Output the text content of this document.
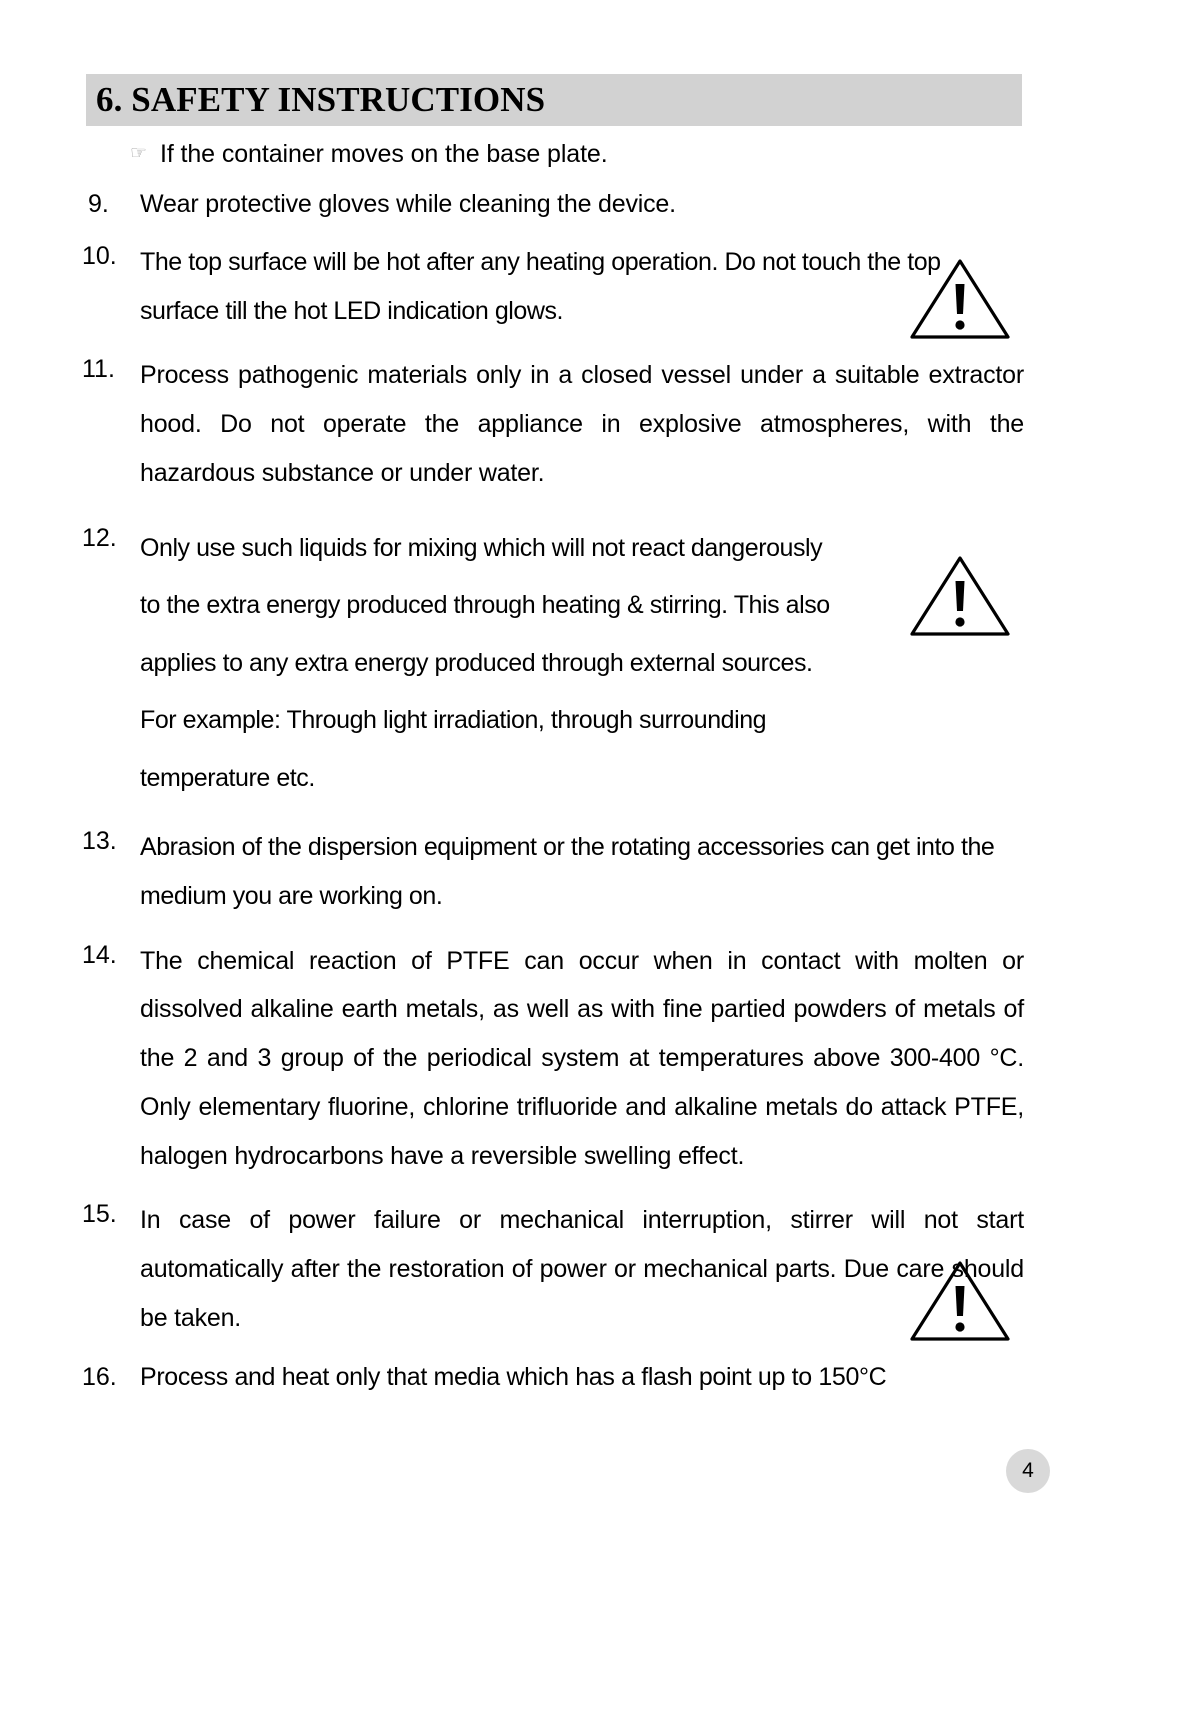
6. SAFETY INSTRUCTIONS
☞ If the container moves on the base plate.
9.	Wear protective gloves while cleaning the device.
10. The top surface will be hot after any heating operation. Do not touch the top surface till the hot LED indication glows.
11.	Process pathogenic materials only in a closed vessel under a suitable extractor hood. Do not operate the appliance in explosive atmospheres, with the hazardous substance or under water.
12. Only use such liquids for mixing which will not react dangerously to the extra energy produced through heating & stirring. This also applies to any extra energy produced through external sources. For example: Through light irradiation, through surrounding temperature etc.
13. Abrasion of the dispersion equipment or the rotating accessories can get into the medium you are working on.
14. The chemical reaction of PTFE can occur when in contact with molten or dissolved alkaline earth metals, as well as with fine partied powders of metals of the 2 and 3 group of the periodical system at temperatures above 300-400 °C. Only elementary fluorine, chlorine trifluoride and alkaline metals do attack PTFE, halogen hydrocarbons have a reversible swelling effect.
15. In case of power failure or mechanical interruption, stirrer will not start automatically after the restoration of power or mechanical parts. Due care should be taken.
16. Process and heat only that media which has a flash point up to 150°C
4
